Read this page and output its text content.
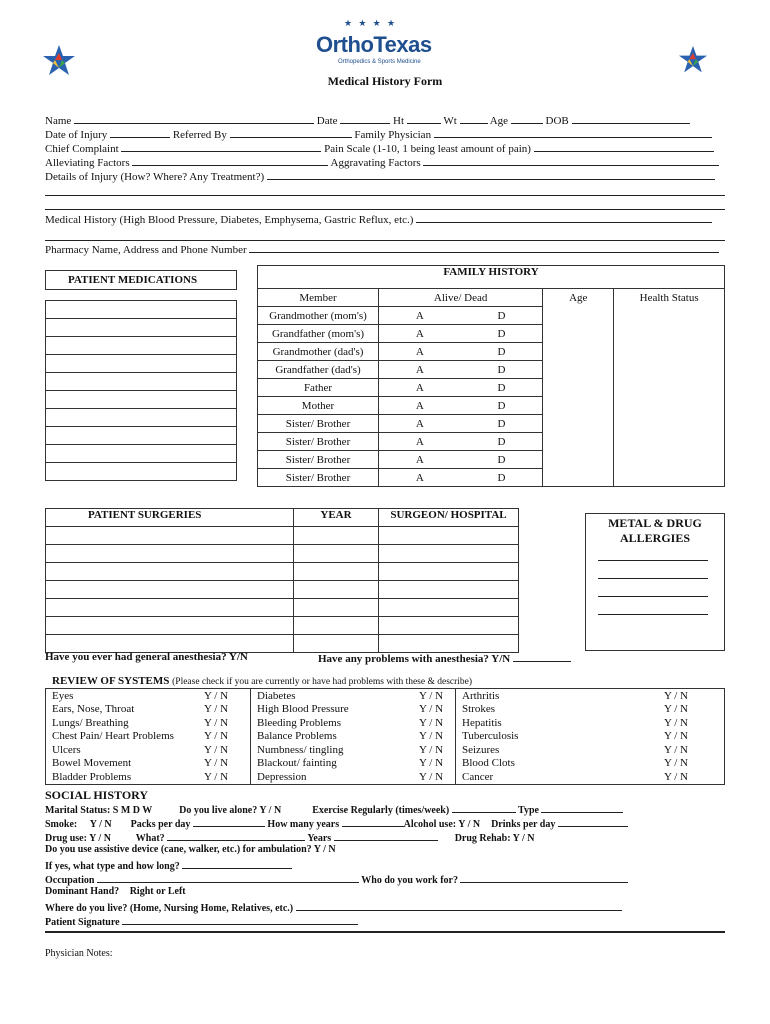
★ ★ ★ ★
OrthoTexas
Orthopedics & Sports Medicine
Medical History Form
Name	Date	Ht	Wt	Age	DOB
Date of Injury	Referred By	Family Physician
Chief Complaint	Pain Scale (1-10, 1 being least amount of pain)
Alleviating Factors	Aggravating Factors
Details of Injury (How? Where? Any Treatment?)
Medical History (High Blood Pressure, Diabetes, Emphysema, Gastric Reflux, etc.)
Pharmacy Name, Address and Phone Number
PATIENT MEDICATIONS

FAMILY HISTORY				
Member	Alive/ Dead		Age	Health Status
Grandmother (mom's)	A	D		
Grandfather (mom's)	A	D		
Grandmother (dad's)	A	D		
Grandfather (dad's)	A	D		
Father	A	D		
Mother	A	D		
Sister/ Brother	A	D		
Sister/ Brother	A	D		
Sister/ Brother	A	D		
Sister/ Brother	A	D		
PATIENT SURGERIES	YEAR	SURGEON/ HOSPITAL

METAL & DRUG ALLERGIES
Have you ever had general anesthesia? Y/N	Have any problems with anesthesia? Y/N
REVIEW OF SYSTEMS (Please check if you are currently or have had problems with these & describe)
Eyes	Y / N	Diabetes	Y / N	Arthritis	Y / N
Ears, Nose, Throat	Y / N	High Blood Pressure	Y / N	Strokes	Y / N
Lungs/ Breathing	Y / N	Bleeding Problems	Y / N	Hepatitis	Y / N
Chest Pain/ Heart Problems	Y / N	Balance Problems	Y / N	Tuberculosis	Y / N
Ulcers	Y / N	Numbness/ tingling	Y / N	Seizures	Y / N
Bowel Movement	Y / N	Blackout/ fainting	Y / N	Blood Clots	Y / N
Bladder Problems	Y / N	Depression	Y / N	Cancer	Y / N
SOCIAL HISTORY
Marital Status: S M D W	Do you live alone? Y / N	Exercise Regularly (times/week)	Type
Smoke: Y / N Packs per day	How many years	Alcohol use: Y / N Drinks per day
Drug use: Y / N What?	Years	Drug Rehab: Y / N
Do you use assistive device (cane, walker, etc.) for ambulation? Y / N
If yes, what type and how long?
Occupation	Who do you work for?
Dominant Hand? Right or Left
Where do you live? (Home, Nursing Home, Relatives, etc.)
Patient Signature
Physician Notes:
